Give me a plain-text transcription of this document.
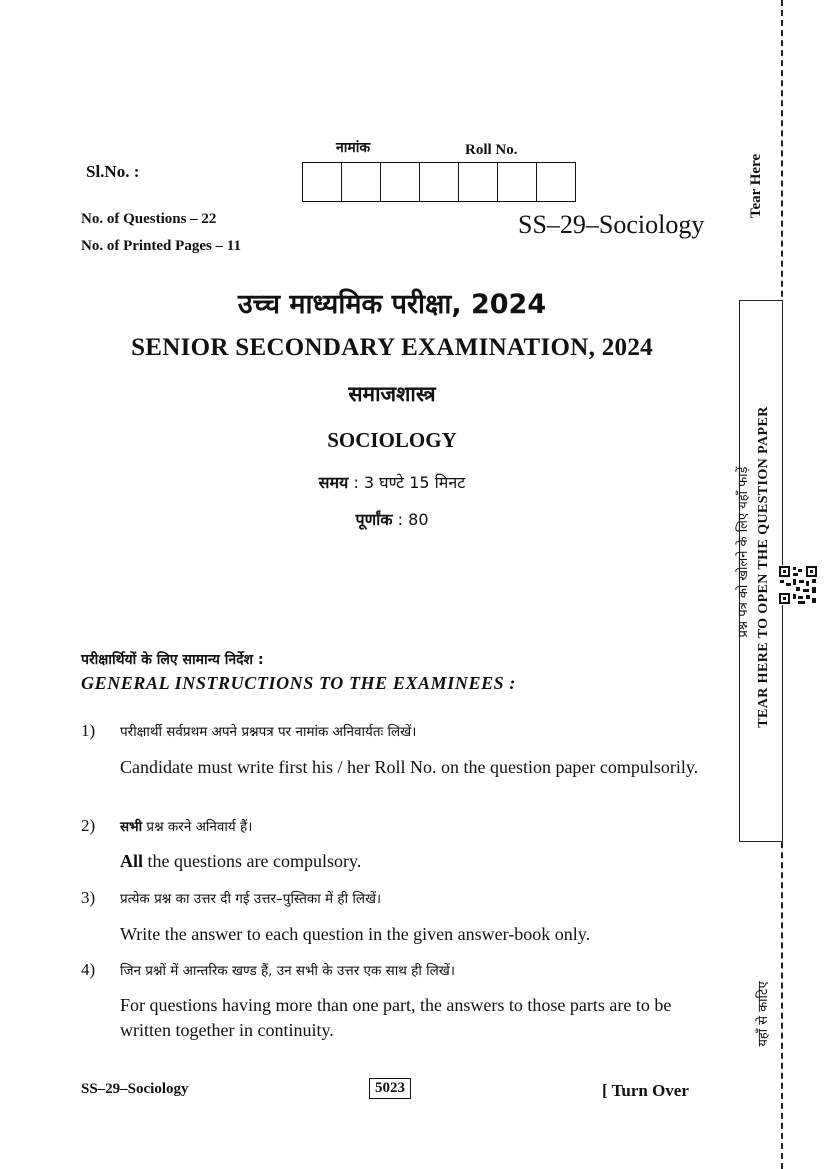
Sl.No. :
नामांक	Roll No.
No. of Questions – 22
No. of Printed Pages – 11
SS–29–Sociology
उच्च माध्यमिक परीक्षा, 2024
SENIOR SECONDARY EXAMINATION, 2024
समाजशास्त्र
SOCIOLOGY
समय : 3 घण्टे 15 मिनट
पूर्णांक : 80
परीक्षार्थियों के लिए सामान्य निर्देश :
GENERAL INSTRUCTIONS TO THE EXAMINEES :
1) परीक्षार्थी सर्वप्रथम अपने प्रश्नपत्र पर नामांक अनिवार्यतः लिखें।
Candidate must write first his / her Roll No. on the question paper compulsorily.
2) सभी प्रश्न करने अनिवार्य हैं।
All the questions are compulsory.
3) प्रत्येक प्रश्न का उत्तर दी गई उत्तर–पुस्तिका में ही लिखें।
Write the answer to each question in the given answer-book only.
4) जिन प्रश्नों में आन्तरिक खण्ड हैं, उन सभी के उत्तर एक साथ ही लिखें।
For questions having more than one part, the answers to those parts are to be written together in continuity.
SS–29–Sociology	5023	[ Turn Over
Tear Here
प्रश्न पत्र को खोलने के लिए यहाँ फाड़ें TEAR HERE TO OPEN THE QUESTION PAPER
यहाँ से काटिए
